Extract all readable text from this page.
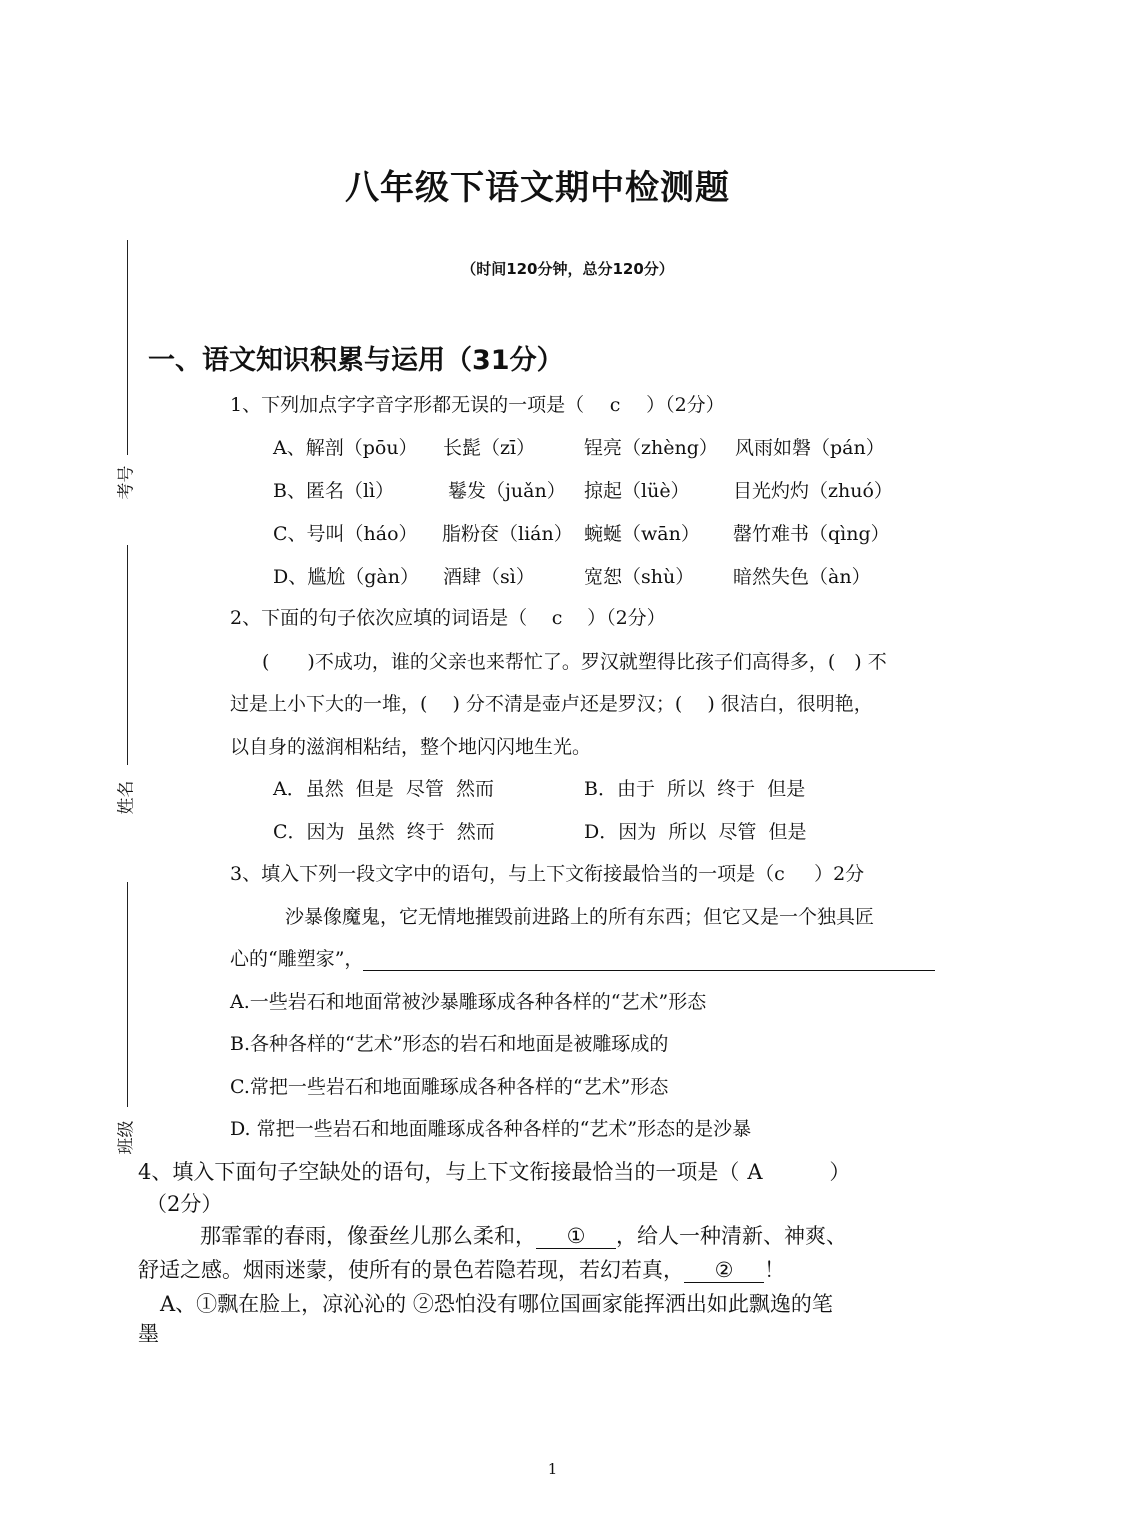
八年级下语文期中检测题
（时间120分钟，总分120分）
考号
姓名
班级
一、语文知识积累与运用（31分）
1、下列加点字字音字形都无误的一项是（ c ）（2分）
A、解剖（pōu） 长髭（zī）	锃亮（zhèng） 风雨如磐（pán）
B、匿名（lì）	鬈发（juǎn） 掠起（lüè） 目光灼灼（zhuó）
C、号叫（háo） 脂粉奁（lián） 蜿蜒（wān） 罄竹难书（qìng）
D、尴尬（gàn） 酒肆（sì）	宽恕（shù） 暗然失色（àn）
2、下面的句子依次应填的词语是（ c ）（2分）
(　　)不成功，谁的父亲也来帮忙了。罗汉就塑得比孩子们高得多，(　) 不
过是上小下大的一堆，(　 ) 分不清是壶卢还是罗汉；(　 ) 很洁白，很明艳，
以自身的滋润相粘结，整个地闪闪地生光。
A．虽然  但是  尽管  然而	B．由于  所以  终于  但是
C．因为  虽然  终于  然而	D．因为  所以  尽管  但是
3、填入下列一段文字中的语句，与上下文衔接最恰当的一项是（c ）2分
沙暴像魔鬼，它无情地摧毁前进路上的所有东西；但它又是一个独具匠
心的“雕塑家”，
A.一些岩石和地面常被沙暴雕琢成各种各样的“艺术”形态
B.各种各样的“艺术”形态的岩石和地面是被雕琢成的
C.常把一些岩石和地面雕琢成各种各样的“艺术”形态
D. 常把一些岩石和地面雕琢成各种各样的“艺术”形态的是沙暴
4、填入下面句子空缺处的语句，与上下文衔接最恰当的一项是（ A	）
（2分）
那霏霏的春雨，像蚕丝儿那么柔和， ① ，给人一种清新、神爽、
舒适之感。烟雨迷蒙，使所有的景色若隐若现，若幻若真， ② ！
A、①飘在脸上，凉沁沁的 ②恐怕没有哪位国画家能挥洒出如此飘逸的笔
墨
1
